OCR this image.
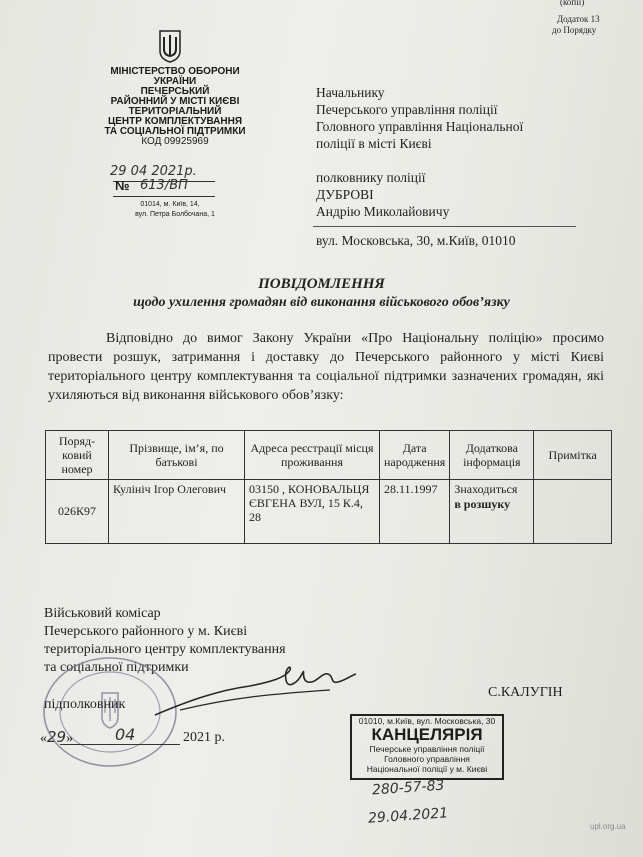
(копії)
Додаток 13
до Порядку
МІНІСТЕРСТВО ОБОРОНИ
УКРАЇНИ
ПЕЧЕРСЬКИЙ
РАЙОННИЙ У МІСТІ КИЄВІ
ТЕРИТОРІАЛЬНИЙ
ЦЕНТР КОМПЛЕКТУВАННЯ
ТА СОЦІАЛЬНОЇ ПІДТРИМКИ
КОД 09925969
29 04 2021р.
№ 613/ВП
01014, м. Київ, 14,
вул. Петра Болбочана, 1
Начальнику
Печерського управління поліції
Головного управління Національної
поліції в місті Києві
полковнику поліції
ДУБРОВІ
Андрію Миколайовичу
вул. Московська, 30, м.Київ, 01010
ПОВІДОМЛЕННЯ
щодо ухилення громадян від виконання військового обов’язку
Відповідно до вимог Закону України «Про Національну поліцію» просимо провести розшук, затримання і доставку до Печерського районного у місті Києві територіального центру комплектування та соціальної підтримки зазначених громадян, які ухиляються від виконання військового обов’язку:
Поряд-ковий номер	Прізвище, ім’я, по батькові	Адреса реєстрації місця проживання	Дата народження	Додаткова інформація	Примітка
026К97	Кулініч Ігор Олегович	03150 , КОНОВАЛЬЦЯ ЄВГЕНА ВУЛ, 15 К.4, 28	28.11.1997	Знаходиться
в розшуку	

Військовий комісар
Печерського районного у м. Києві
територіального центру комплектування
та соціальної підтримки
підполковник
С.КАЛУГІН
«29»	04	2021 р.
01010, м.Київ, вул. Московська, 30
КАНЦЕЛЯРІЯ
Печерське управління поліції
Головного управління
Національної поліції у м. Києві
280-57-83
29.04.2021	upl.org.ua
